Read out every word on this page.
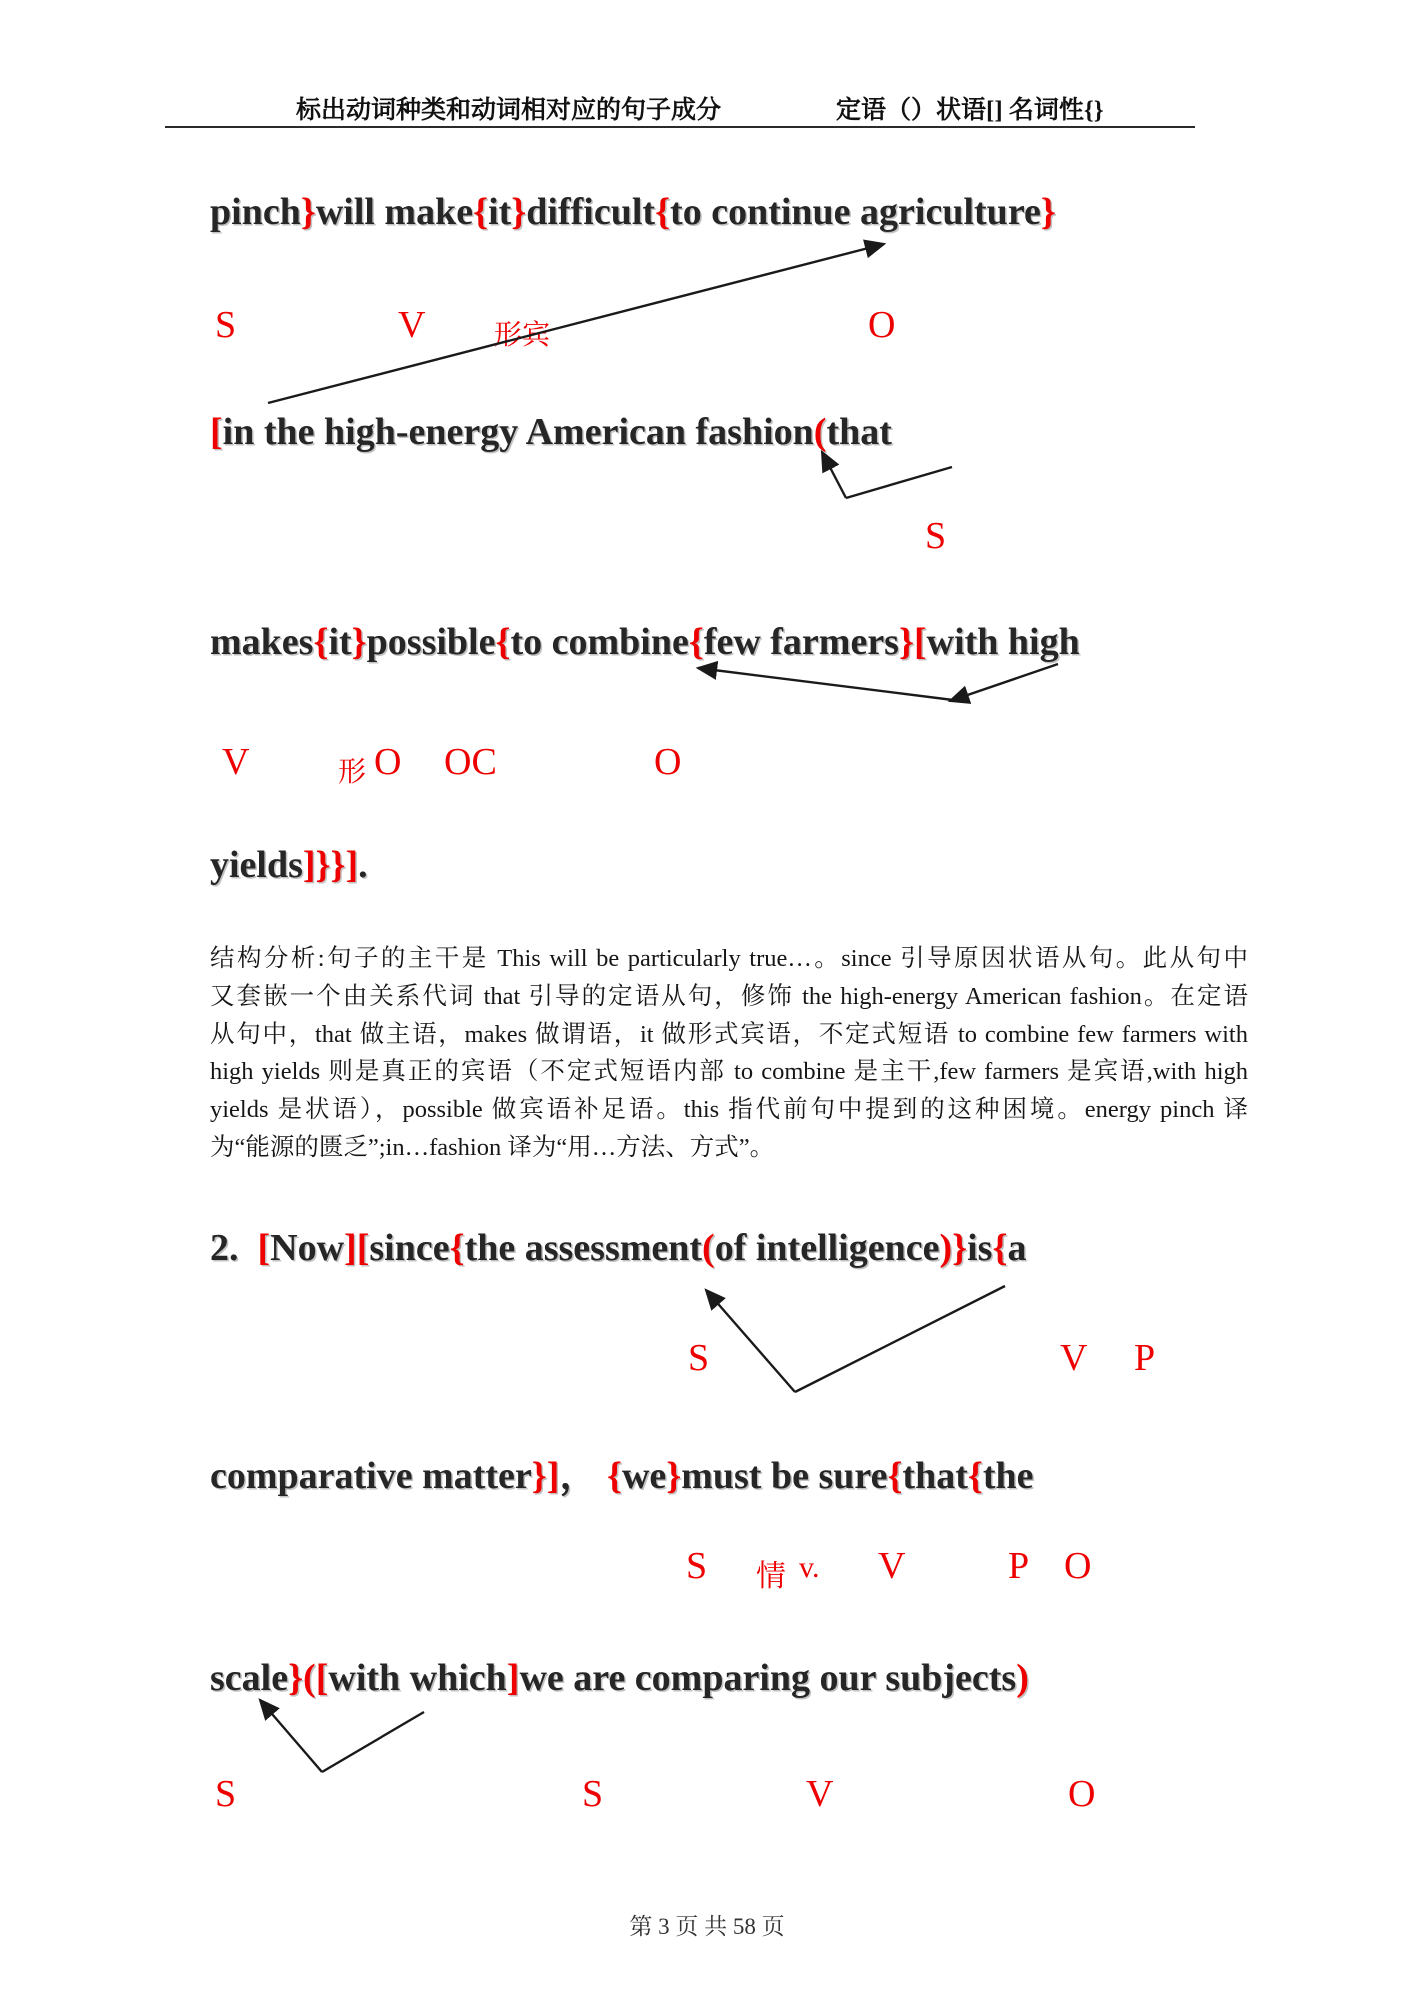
标出动词种类和动词相对应的句子成分	定语（）状语[] 名词性{}
pinch}will make{it}difficult{to continue agriculture}
S	V 形宾	O
[in the high-energy American fashion(that
S
makes{it}possible{to combine{few farmers}[with high
V	形 O OC	O
yields]}}].
结构分析:句子的主干是 This will be particularly true…。since 引导原因状语从句。此从句中
又套嵌一个由关系代词 that 引导的定语从句，修饰 the high-energy American fashion。在定语
从句中，that 做主语，makes 做谓语，it 做形式宾语，不定式短语 to combine few farmers with
high yields 则是真正的宾语（不定式短语内部 to combine 是主干,few farmers 是宾语,with high
yields 是状语），possible 做宾语补足语。this 指代前句中提到的这种困境。energy pinch 译
为“能源的匮乏”;in…fashion 译为“用…方法、方式”。
2.  [Now][since{the assessment(of intelligence)}is{a
S	V P
comparative matter}]， {we}must be sure{that{the
S 情 v. V	P O
scale}([with which]we are comparing our subjects)
S	S	V	O
第 3 页 共 58 页
